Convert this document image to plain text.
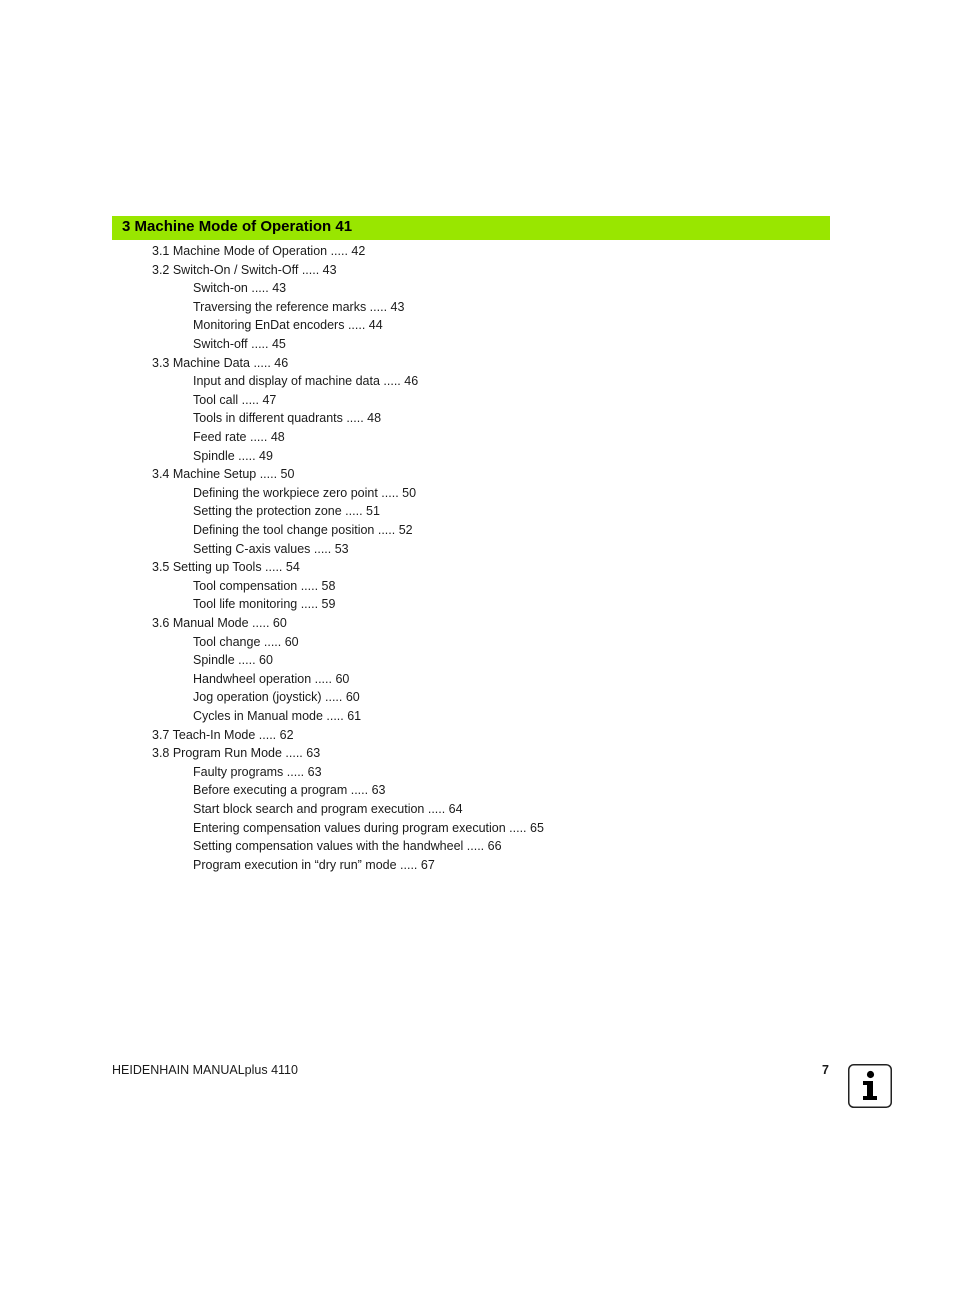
3 Machine Mode of Operation 41
3.1 Machine Mode of Operation ..... 42
3.2 Switch-On / Switch-Off ..... 43
Switch-on ..... 43
Traversing the reference marks ..... 43
Monitoring EnDat encoders ..... 44
Switch-off ..... 45
3.3 Machine Data ..... 46
Input and display of machine data ..... 46
Tool call ..... 47
Tools in different quadrants ..... 48
Feed rate ..... 48
Spindle ..... 49
3.4 Machine Setup ..... 50
Defining the workpiece zero point ..... 50
Setting the protection zone ..... 51
Defining the tool change position ..... 52
Setting C-axis values ..... 53
3.5 Setting up Tools ..... 54
Tool compensation ..... 58
Tool life monitoring ..... 59
3.6 Manual Mode ..... 60
Tool change ..... 60
Spindle ..... 60
Handwheel operation ..... 60
Jog operation (joystick) ..... 60
Cycles in Manual mode ..... 61
3.7 Teach-In Mode ..... 62
3.8 Program Run Mode ..... 63
Faulty programs ..... 63
Before executing a program ..... 63
Start block search and program execution ..... 64
Entering compensation values during program execution ..... 65
Setting compensation values with the handwheel ..... 66
Program execution in “dry run” mode ..... 67
HEIDENHAIN MANUALplus 4110	7
